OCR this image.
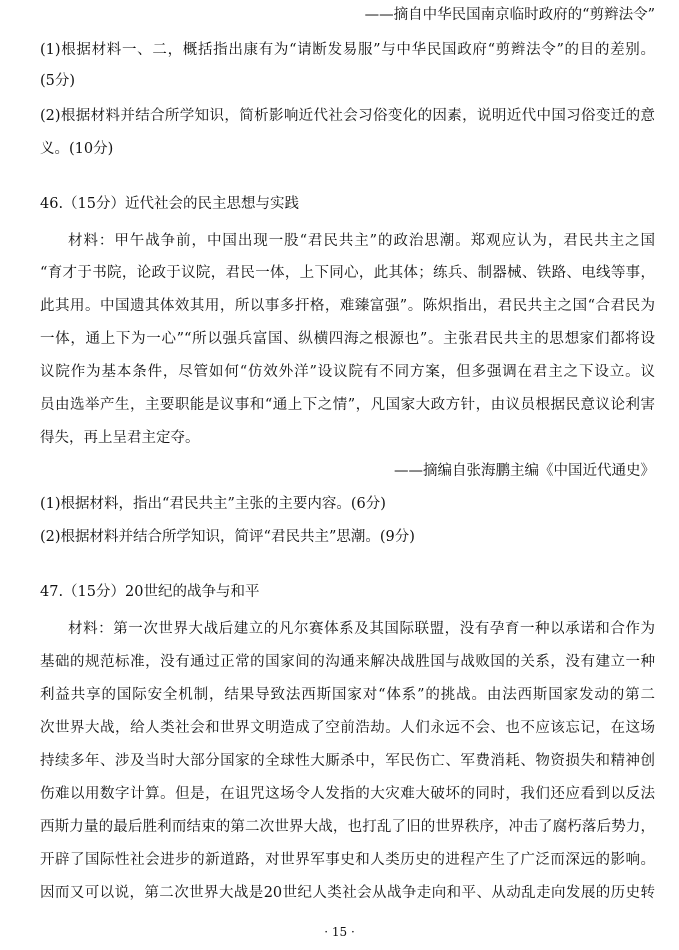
——摘自中华民国南京临时政府的“剪辫法令”
(1)根据材料一、二，概括指出康有为“请断发易服”与中华民国政府“剪辫法令”的目的差别。
(5分)
(2)根据材料并结合所学知识，简析影响近代社会习俗变化的因素，说明近代中国习俗变迁的意
义。(10分)
46.（15分）近代社会的民主思想与实践
材料：甲午战争前，中国出现一股“君民共主”的政治思潮。郑观应认为，君民共主之国
“育才于书院，论政于议院，君民一体，上下同心，此其体；练兵、制器械、铁路、电线等事，
此其用。中国遗其体效其用，所以事多扞格，难臻富强”。陈炽指出，君民共主之国“合君民为
一体，通上下为一心”“所以强兵富国、纵横四海之根源也”。主张君民共主的思想家们都将设
议院作为基本条件，尽管如何“仿效外洋”设议院有不同方案，但多强调在君主之下设立。议
员由选举产生，主要职能是议事和“通上下之情”，凡国家大政方针，由议员根据民意议论利害
得失，再上呈君主定夺。
——摘编自张海鹏主编《中国近代通史》
(1)根据材料，指出“君民共主”主张的主要内容。(6分)
(2)根据材料并结合所学知识，简评“君民共主”思潮。(9分)
47.（15分）20世纪的战争与和平
材料：第一次世界大战后建立的凡尔赛体系及其国际联盟，没有孕育一种以承诺和合作为
基础的规范标准，没有通过正常的国家间的沟通来解决战胜国与战败国的关系，没有建立一种
利益共享的国际安全机制，结果导致法西斯国家对“体系”的挑战。由法西斯国家发动的第二
次世界大战，给人类社会和世界文明造成了空前浩劫。人们永远不会、也不应该忘记，在这场
持续多年、涉及当时大部分国家的全球性大厮杀中，军民伤亡、军费消耗、物资损失和精神创
伤难以用数字计算。但是，在诅咒这场令人发指的大灾难大破坏的同时，我们还应看到以反法
西斯力量的最后胜利而结束的第二次世界大战，也打乱了旧的世界秩序，冲击了腐朽落后势力，
开辟了国际性社会进步的新道路，对世界军事史和人类历史的进程产生了广泛而深远的影响。
因而又可以说，第二次世界大战是20世纪人类社会从战争走向和平、从动乱走向发展的历史转
· 15 ·
